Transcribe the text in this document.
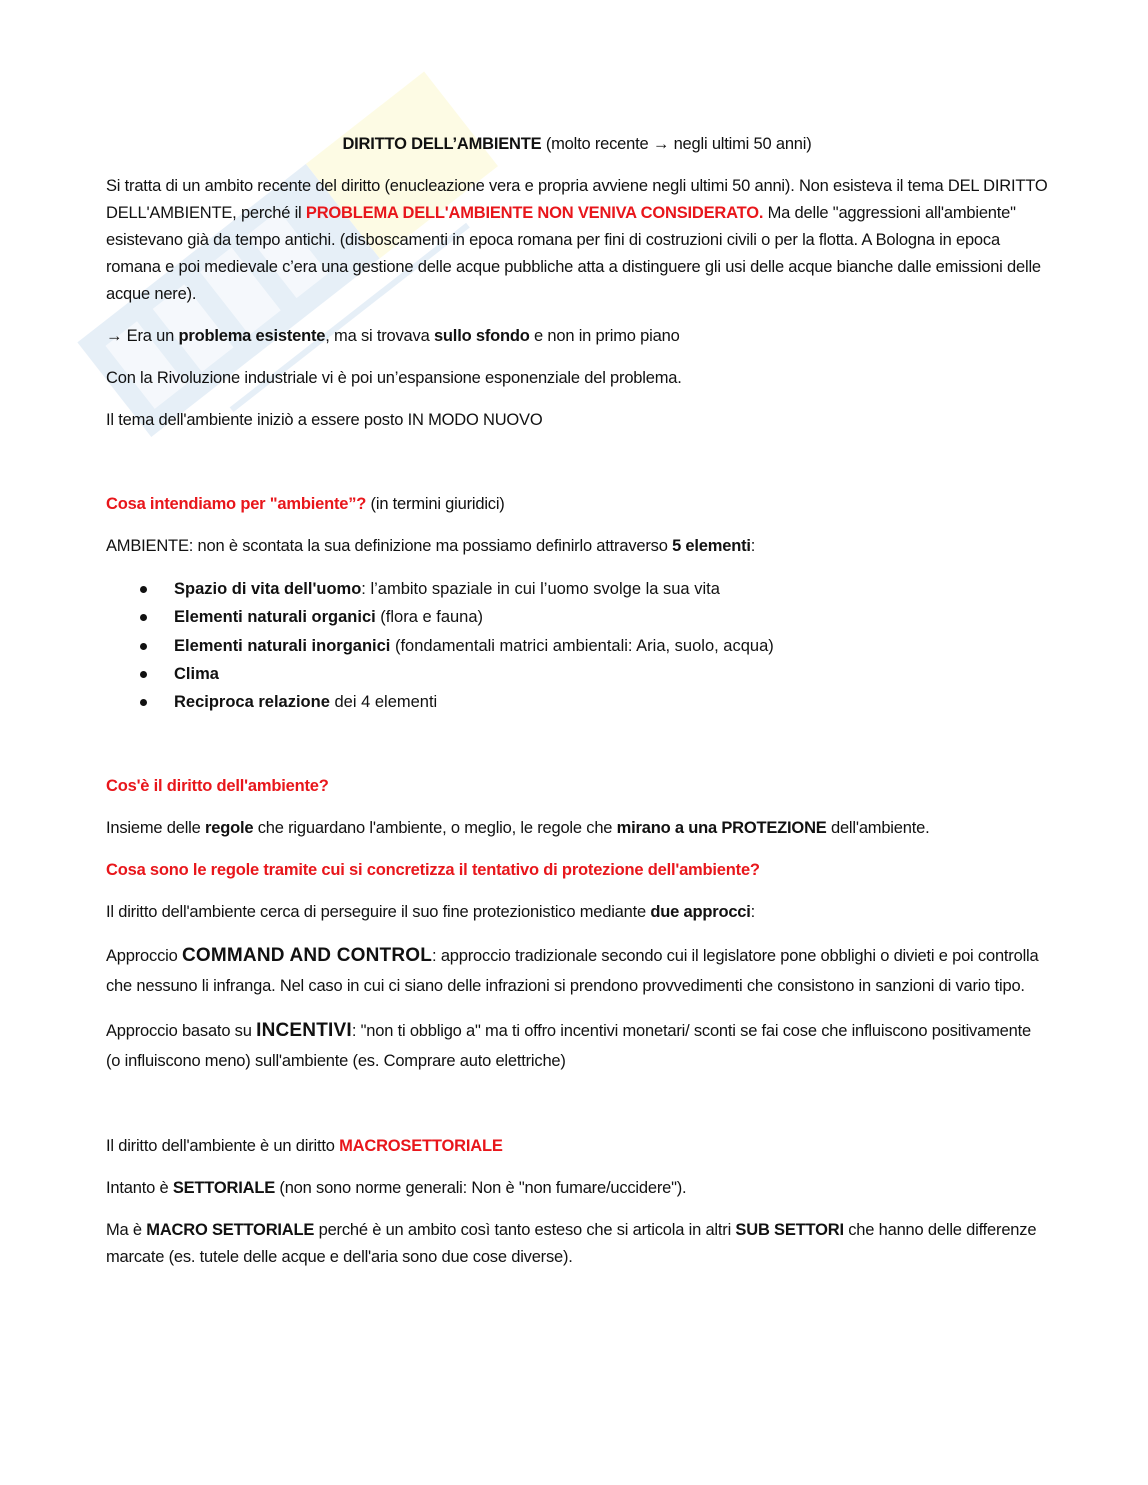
DIRITTO DELL’AMBIENTE (molto recente → negli ultimi 50 anni)
Si tratta di un ambito recente del diritto (enucleazione vera e propria avviene negli ultimi 50 anni). Non esisteva il tema DEL DIRITTO DELL'AMBIENTE, perché il PROBLEMA DELL'AMBIENTE NON VENIVA CONSIDERATO. Ma delle "aggressioni all'ambiente" esistevano già da tempo antichi. (disboscamenti in epoca romana per fini di costruzioni civili o per la flotta. A Bologna in epoca romana e poi medievale c’era una gestione delle acque pubbliche atta a distinguere gli usi delle acque bianche dalle emissioni delle acque nere).
→ Era un problema esistente, ma si trovava sullo sfondo e non in primo piano
Con la Rivoluzione industriale vi è poi un’espansione esponenziale del problema.
Il tema dell'ambiente iniziò a essere posto IN MODO NUOVO
Cosa intendiamo per "ambiente”? (in termini giuridici)
AMBIENTE: non è scontata la sua definizione ma possiamo definirlo attraverso 5 elementi:
Spazio di vita dell'uomo: l’ambito spaziale in cui l’uomo svolge la sua vita
Elementi naturali organici (flora e fauna)
Elementi naturali inorganici (fondamentali matrici ambientali: Aria, suolo, acqua)
Clima
Reciproca relazione dei 4 elementi
Cos'è il diritto dell'ambiente?
Insieme delle regole che riguardano l'ambiente, o meglio, le regole che mirano a una PROTEZIONE dell'ambiente.
Cosa sono le regole tramite cui si concretizza il tentativo di protezione dell'ambiente?
Il diritto dell'ambiente cerca di perseguire il suo fine protezionistico mediante due approcci:
Approccio COMMAND AND CONTROL: approccio tradizionale secondo cui il legislatore pone obblighi o divieti e poi controlla che nessuno li infranga. Nel caso in cui ci siano delle infrazioni si prendono provvedimenti che consistono in sanzioni di vario tipo.
Approccio basato su INCENTIVI: "non ti obbligo a" ma ti offro incentivi monetari/ sconti se fai cose che influiscono positivamente (o influiscono meno) sull'ambiente (es. Comprare auto elettriche)
Il diritto dell'ambiente è un diritto MACROSETTORIALE
Intanto è SETTORIALE (non sono norme generali: Non è "non fumare/uccidere").
Ma è MACRO SETTORIALE perché è un ambito così tanto esteso che si articola in altri SUB SETTORI che hanno delle differenze marcate (es. tutele delle acque e dell'aria sono due cose diverse).
